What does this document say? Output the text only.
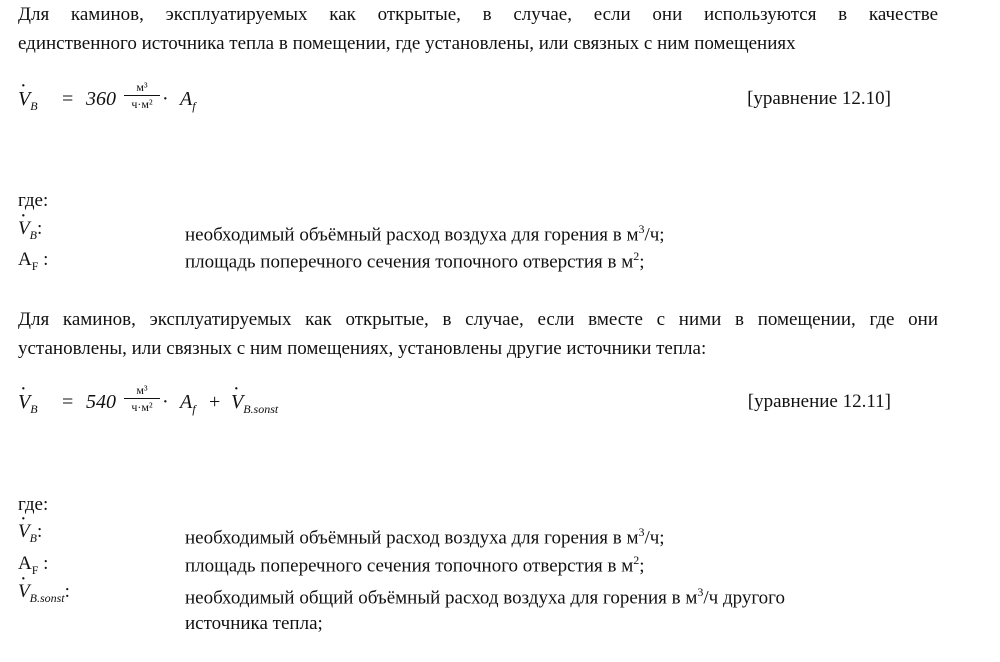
Для каминов, эксплуатируемых как открытые, в случае, если они используются в качестве
единственного источника тепла в помещении, где установлены, или связных с ним помещениях
· $V_B = 360$
м³
$ч\cdot м^2 \cdot A_f$	[уравнение 12.10]
где:
· $V_B$:	необходимый объёмный расход воздуха для горения в $м^3/ч$;
$A_F$ :	площадь поперечного сечения топочного отверстия в $м^2$;
Для каминов, эксплуатируемых как открытые, в случае, если вместе с ними в помещении, где они
установлены, или связных с ним помещениях, установлены другие источники тепла:
· $V_B = 540$
м³
$ч\cdot м^2 \cdot A_f$ +
· $V_{B.sonst}$	[уравнение 12.11]
где:
· $V_B$:	необходимый объёмный расход воздуха для горения в $м^3/ч$;
$A_F$ :	площадь поперечного сечения топочного отверстия в $м^2$;
· $V_{B.sonst}$:	необходимый общий объёмный расход воздуха для горения в $м^3/ч$ другого
источника тепла;
